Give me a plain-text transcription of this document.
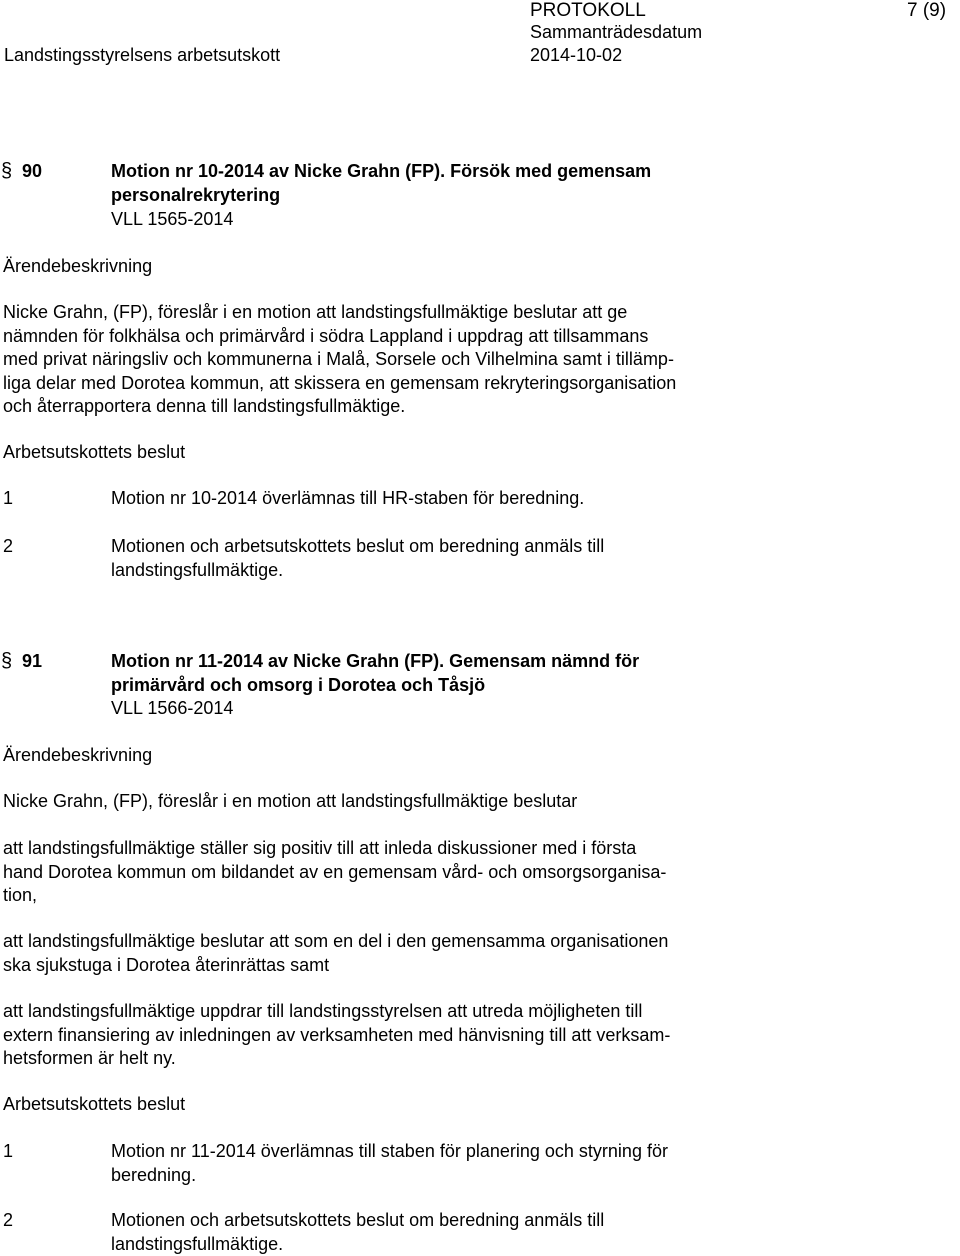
PROTOKOLL	7 (9)
Sammanträdesdatum
Landstingsstyrelsens arbetsutskott	2014-10-02
§ 90	Motion nr 10-2014 av Nicke Grahn (FP). Försök med gemensam
personalrekrytering
VLL 1565-2014
Ärendebeskrivning
Nicke Grahn, (FP), föreslår i en motion att landstingsfullmäktige beslutar att ge
nämnden för folkhälsa och primärvård i södra Lappland i uppdrag att tillsammans
med privat näringsliv och kommunerna i Malå, Sorsele och Vilhelmina samt i tillämp-
liga delar med Dorotea kommun, att skissera en gemensam rekryteringsorganisation
och återrapportera denna till landstingsfullmäktige.
Arbetsutskottets beslut
1	Motion nr 10-2014 överlämnas till HR-staben för beredning.
2	Motionen och arbetsutskottets beslut om beredning anmäls till
landstingsfullmäktige.
§ 91	Motion nr 11-2014 av Nicke Grahn (FP). Gemensam nämnd för
primärvård och omsorg i Dorotea och Tåsjö
VLL 1566-2014
Ärendebeskrivning
Nicke Grahn, (FP), föreslår i en motion att landstingsfullmäktige beslutar
att landstingsfullmäktige ställer sig positiv till att inleda diskussioner med i första
hand Dorotea kommun om bildandet av en gemensam vård- och omsorgsorganisa-
tion,
att landstingsfullmäktige beslutar att som en del i den gemensamma organisationen
ska sjukstuga i Dorotea återinrättas samt
att landstingsfullmäktige uppdrar till landstingsstyrelsen att utreda möjligheten till
extern finansiering av inledningen av verksamheten med hänvisning till att verksam-
hetsformen är helt ny.
Arbetsutskottets beslut
1	Motion nr 11-2014 överlämnas till staben för planering och styrning för
beredning.
2	Motionen och arbetsutskottets beslut om beredning anmäls till
landstingsfullmäktige.
